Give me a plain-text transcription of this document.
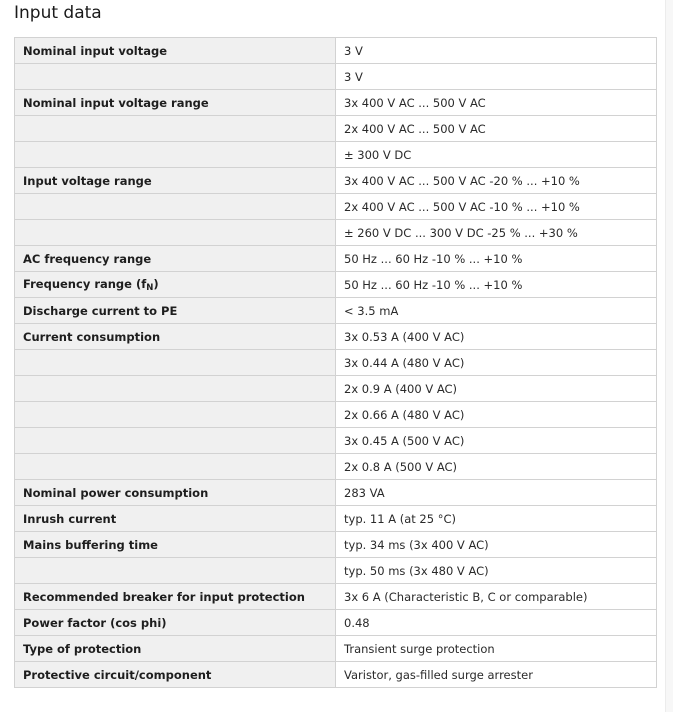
Input data
Nominal input voltage	3 V
	3 V
Nominal input voltage range	3x 400 V AC ... 500 V AC
	2x 400 V AC ... 500 V AC
	± 300 V DC
Input voltage range	3x 400 V AC ... 500 V AC -20 % ... +10 %
	2x 400 V AC ... 500 V AC -10 % ... +10 %
	± 260 V DC ... 300 V DC -25 % ... +30 %
AC frequency range	50 Hz ... 60 Hz -10 % ... +10 %
Frequency range $(f_N)$	50 Hz ... 60 Hz -10 % ... +10 %
Discharge current to PE	< 3.5 mA
Current consumption	3x 0.53 A (400 V AC)
	3x 0.44 A (480 V AC)
	2x 0.9 A (400 V AC)
	2x 0.66 A (480 V AC)
	3x 0.45 A (500 V AC)
	2x 0.8 A (500 V AC)
Nominal power consumption	283 VA
Inrush current	typ. 11 A (at 25 °C)
Mains buffering time	typ. 34 ms (3x 400 V AC)
	typ. 50 ms (3x 480 V AC)
Recommended breaker for input protection	3x 6 A (Characteristic B, C or comparable)
Power factor (cos phi)	0.48
Type of protection	Transient surge protection
Protective circuit/component	Varistor, gas-filled surge arrester
